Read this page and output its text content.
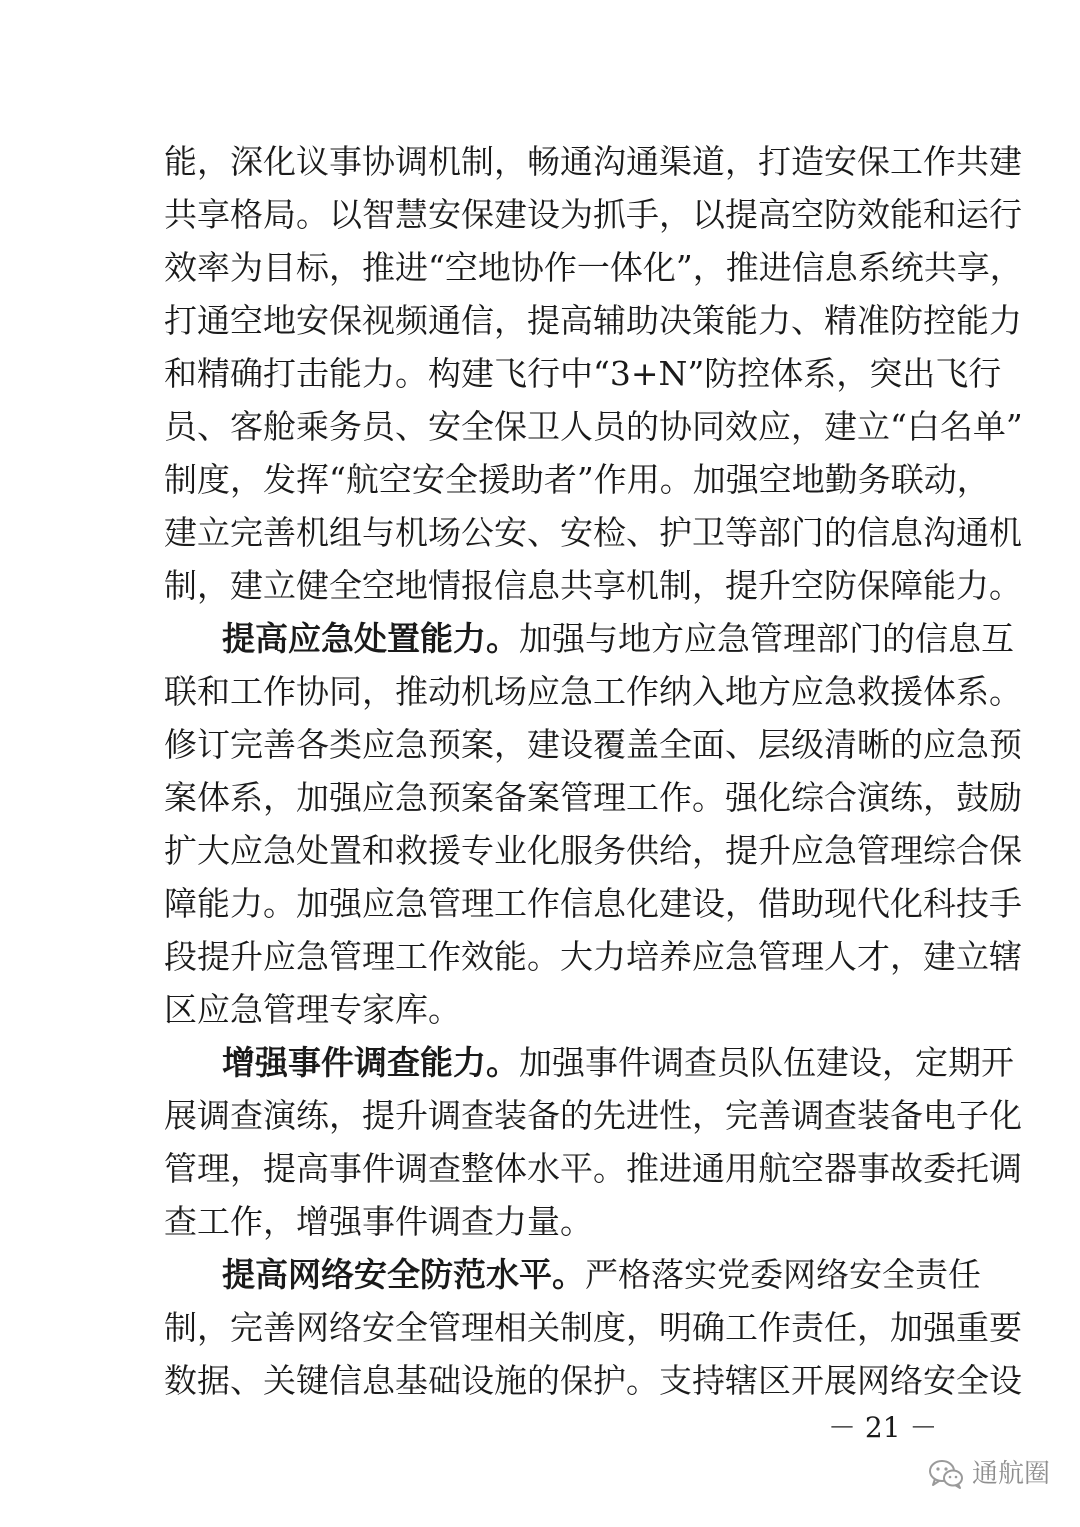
能，深化议事协调机制，畅通沟通渠道，打造安保工作共建
共享格局。以智慧安保建设为抓手，以提高空防效能和运行
效率为目标，推进“空地协作一体化”，推进信息系统共享，
打通空地安保视频通信，提高辅助决策能力、精准防控能力
和精确打击能力。构建飞行中“3+N”防控体系，突出飞行
员、客舱乘务员、安全保卫人员的协同效应，建立“白名单”
制度，发挥“航空安全援助者”作用。加强空地勤务联动，
建立完善机组与机场公安、安检、护卫等部门的信息沟通机
制，建立健全空地情报信息共享机制，提升空防保障能力。
提高应急处置能力。加强与地方应急管理部门的信息互
联和工作协同，推动机场应急工作纳入地方应急救援体系。
修订完善各类应急预案，建设覆盖全面、层级清晰的应急预
案体系，加强应急预案备案管理工作。强化综合演练，鼓励
扩大应急处置和救援专业化服务供给，提升应急管理综合保
障能力。加强应急管理工作信息化建设，借助现代化科技手
段提升应急管理工作效能。大力培养应急管理人才，建立辖
区应急管理专家库。
增强事件调查能力。加强事件调查员队伍建设，定期开
展调查演练，提升调查装备的先进性，完善调查装备电子化
管理，提高事件调查整体水平。推进通用航空器事故委托调
查工作，增强事件调查力量。
提高网络安全防范水平。严格落实党委网络安全责任
制，完善网络安全管理相关制度，明确工作责任，加强重要
数据、关键信息基础设施的保护。支持辖区开展网络安全设
－ 21 －
通航圈
